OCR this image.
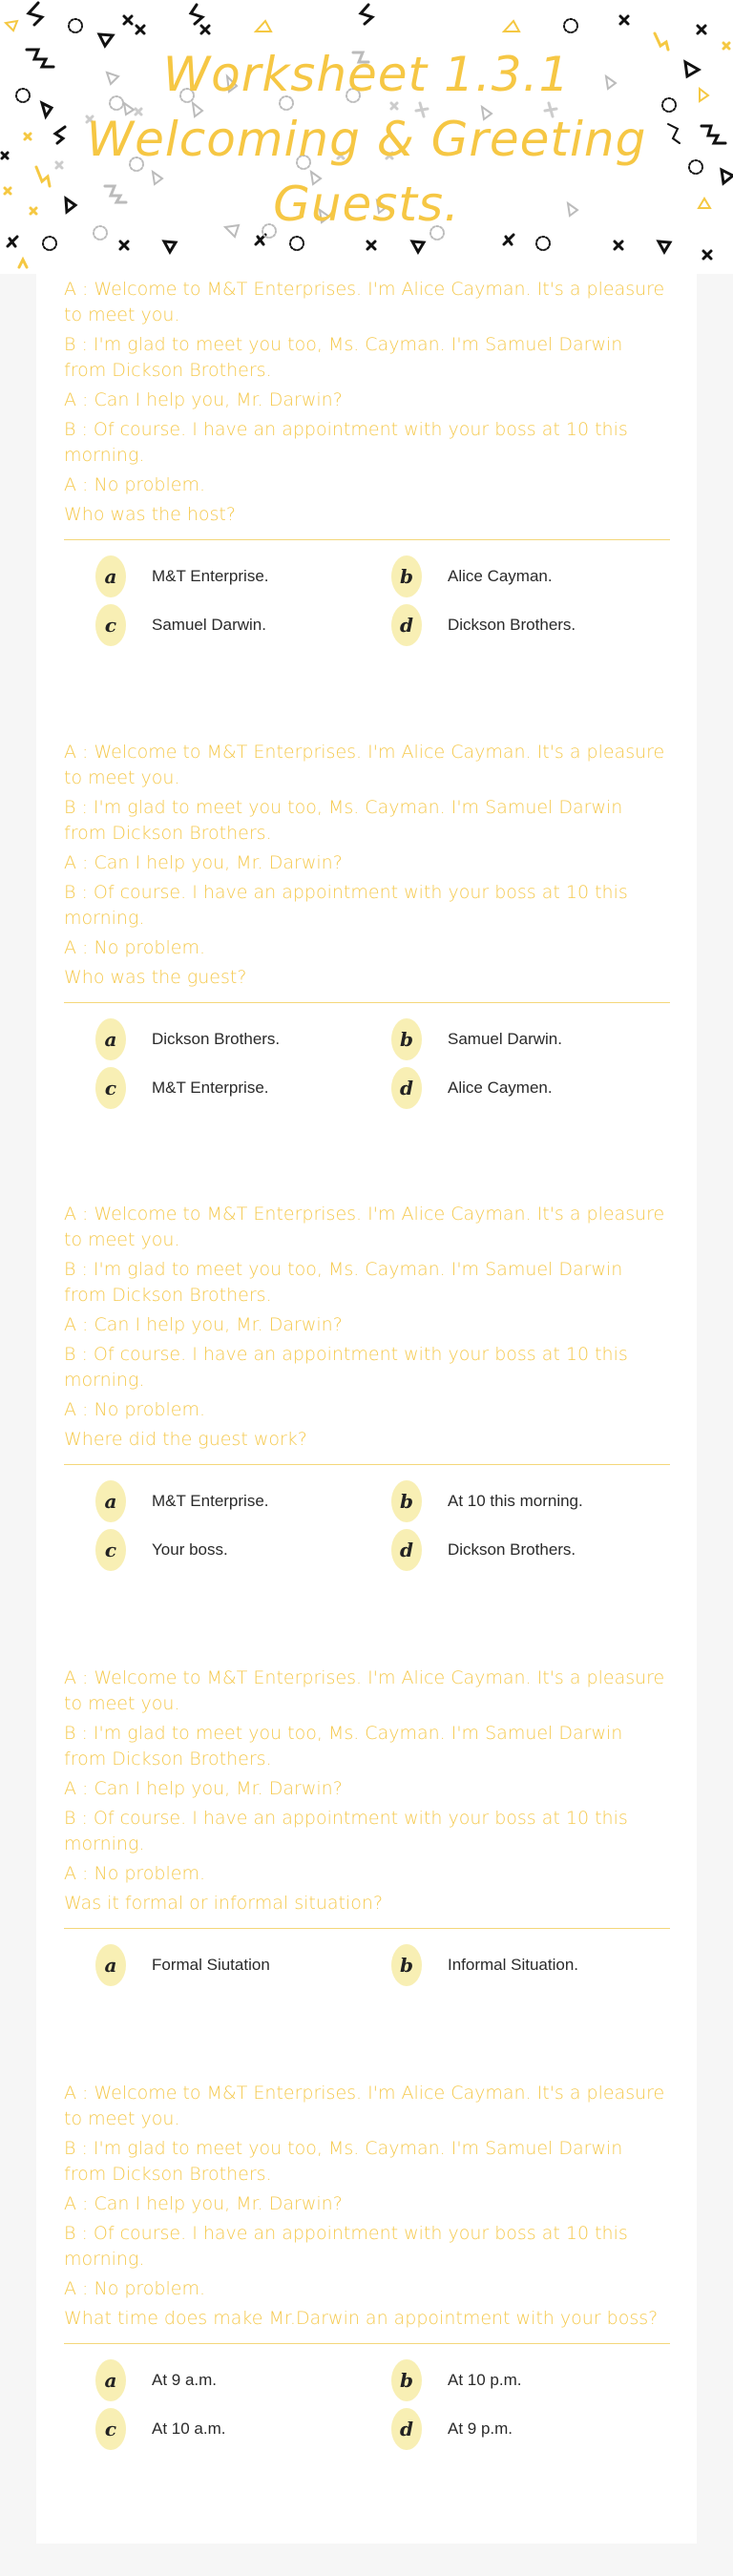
Worksheet 1.3.1
Welcoming & Greeting
Guests.

A : Welcome to M&T Enterprises. I'm Alice Cayman. It's a pleasure to meet you.

B : I'm glad to meet you too, Ms. Cayman. I'm Samuel Darwin from Dickson Brothers.

A : Can I help you, Mr. Darwin?

B : Of course. I have an appointment with your boss at 10 this morning.

A : No problem.

Who was the host?

a	M&T Enterprise.	b	Alice Cayman.
c	Samuel Darwin.	d	Dickson Brothers.

A : Welcome to M&T Enterprises. I'm Alice Cayman. It's a pleasure to meet you.

B : I'm glad to meet you too, Ms. Cayman. I'm Samuel Darwin from Dickson Brothers.

A : Can I help you, Mr. Darwin?

B : Of course. I have an appointment with your boss at 10 this morning.

A : No problem.

Who was the guest?

a	Dickson Brothers.	b	Samuel Darwin.
c	M&T Enterprise.	d	Alice Caymen.

A : Welcome to M&T Enterprises. I'm Alice Cayman. It's a pleasure to meet you.

B : I'm glad to meet you too, Ms. Cayman. I'm Samuel Darwin from Dickson Brothers.

A : Can I help you, Mr. Darwin?

B : Of course. I have an appointment with your boss at 10 this morning.

A : No problem.

Where did the guest work?

a	M&T Enterprise.	b	At 10 this morning.
c	Your boss.	d	Dickson Brothers.

A : Welcome to M&T Enterprises. I'm Alice Cayman. It's a pleasure to meet you.

B : I'm glad to meet you too, Ms. Cayman. I'm Samuel Darwin from Dickson Brothers.

A : Can I help you, Mr. Darwin?

B : Of course. I have an appointment with your boss at 10 this morning.

A : No problem.

Was it formal or informal situation?

a	Formal Siutation	b	Informal Situation.

A : Welcome to M&T Enterprises. I'm Alice Cayman. It's a pleasure to meet you.

B : I'm glad to meet you too, Ms. Cayman. I'm Samuel Darwin from Dickson Brothers.

A : Can I help you, Mr. Darwin?

B : Of course. I have an appointment with your boss at 10 this morning.

A : No problem.

What time does make Mr.Darwin an appointment with your boss?

a	At 9 a.m.	b	At 10 p.m.
c	At 10 a.m.	d	At 9 p.m.
